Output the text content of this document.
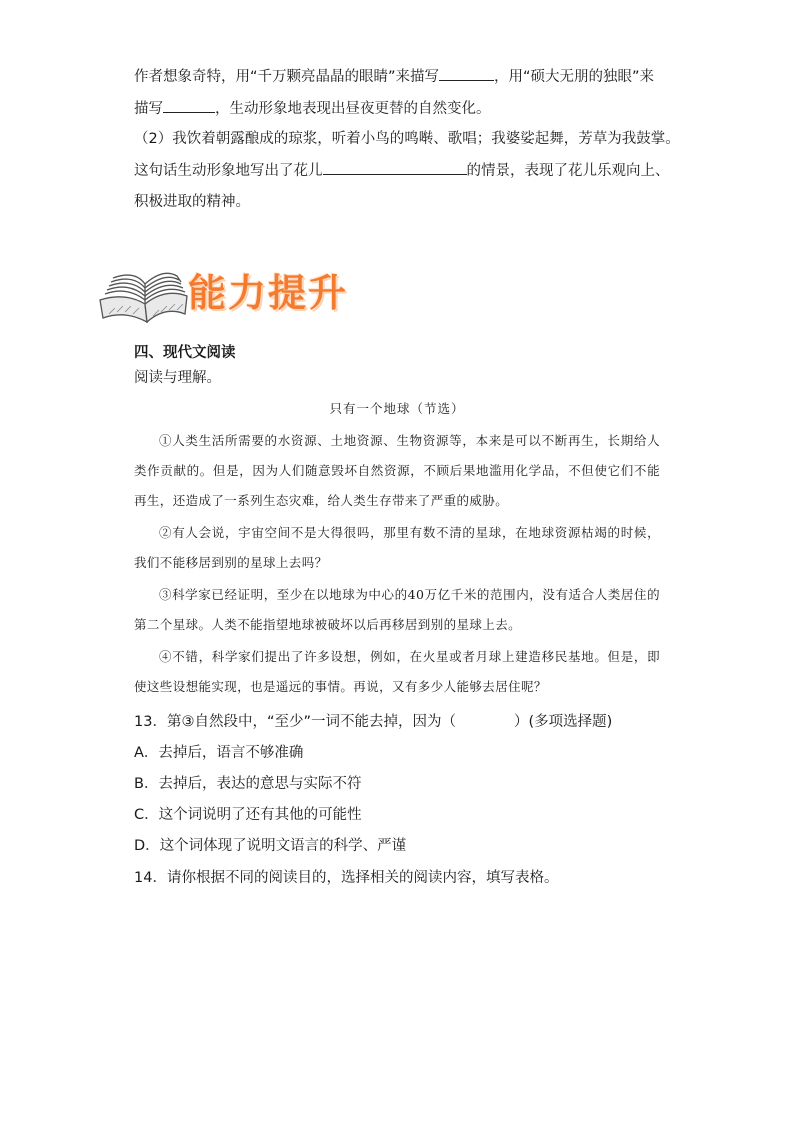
作者想象奇特，用“千万颗亮晶晶的眼睛”来描写	，用“硕大无朋的独眼”来
描写	，生动形象地表现出昼夜更替的自然变化。
（2）我饮着朝露酿成的琼浆，听着小鸟的鸣啭、歌唱；我婆娑起舞，芳草为我鼓掌。
这句话生动形象地写出了花儿	的情景，表现了花儿乐观向上、
积极进取的精神。
能力提升
四、现代文阅读
阅读与理解。
只有一个地球（节选）
①人类生活所需要的水资源、土地资源、生物资源等，本来是可以不断再生，长期给人类作贡献的。但是，因为人们随意毁坏自然资源，不顾后果地滥用化学品，不但使它们不能再生，还造成了一系列生态灾难，给人类生存带来了严重的威胁。
②有人会说，宇宙空间不是大得很吗，那里有数不清的星球，在地球资源枯竭的时候，我们不能移居到别的星球上去吗？
③科学家已经证明，至少在以地球为中心的40万亿千米的范围内，没有适合人类居住的第二个星球。人类不能指望地球被破坏以后再移居到别的星球上去。
④不错，科学家们提出了许多设想，例如，在火星或者月球上建造移民基地。但是，即使这些设想能实现，也是遥远的事情。再说，又有多少人能够去居住呢？
13．第③自然段中，“至少”一词不能去掉，因为（　　　　）(多项选择题)
A．去掉后，语言不够准确
B．去掉后，表达的意思与实际不符
C．这个词说明了还有其他的可能性
D．这个词体现了说明文语言的科学、严谨
14．请你根据不同的阅读目的，选择相关的阅读内容，填写表格。
